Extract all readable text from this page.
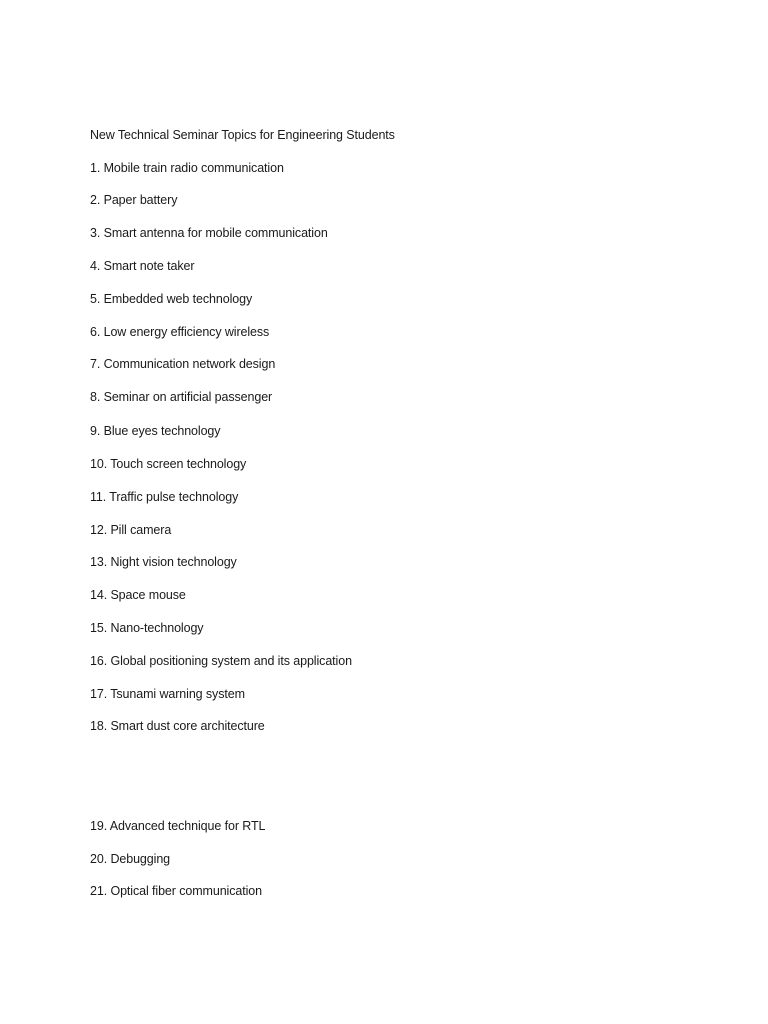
New Technical Seminar Topics for Engineering Students
1. Mobile train radio communication
2. Paper battery
3. Smart antenna for mobile communication
4. Smart note taker
5. Embedded web technology
6. Low energy efficiency wireless
7. Communication network design
8. Seminar on artificial passenger
9. Blue eyes technology
10. Touch screen technology
11. Traffic pulse technology
12. Pill camera
13. Night vision technology
14. Space mouse
15. Nano-technology
16. Global positioning system and its application
17. Tsunami warning system
18. Smart dust core architecture
19. Advanced technique for RTL
20. Debugging
21. Optical fiber communication
